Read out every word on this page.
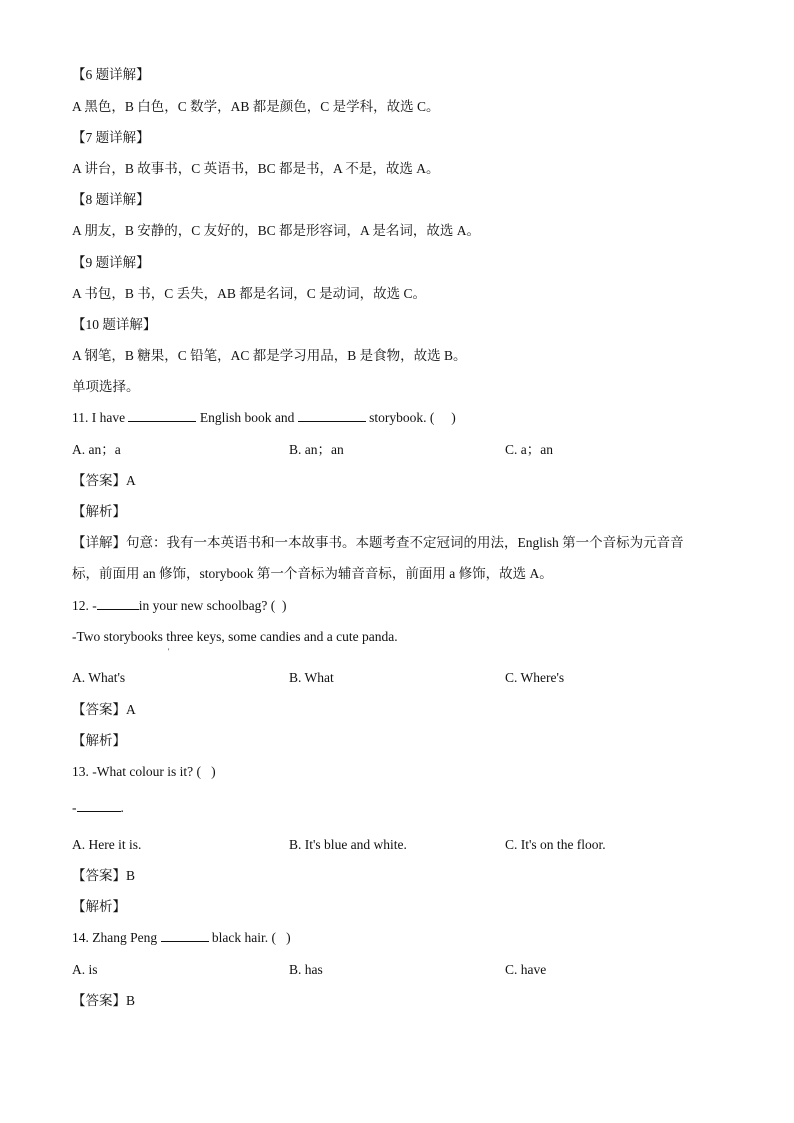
【6 题详解】
A 黑色，B 白色，C 数学，AB 都是颜色，C 是学科，故选 C。
【7 题详解】
A 讲台，B 故事书，C 英语书，BC 都是书，A 不是，故选 A。
【8 题详解】
A 朋友，B 安静的，C 友好的，BC 都是形容词，A 是名词，故选 A。
【9 题详解】
A 书包，B 书，C 丢失，AB 都是名词，C 是动词，故选 C。
【10 题详解】
A 钢笔，B 糖果，C 铅笔，AC 都是学习用品，B 是食物，故选 B。
单项选择。
11. I have	English book and	storybook. ( )
A. an；a	B. an；an	C. a；an
【答案】A
【解析】
【详解】句意：我有一本英语书和一本故事书。本题考查不定冠词的用法，English 第一个音标为元音音
标，前面用 an 修饰，storybook 第一个音标为辅音音标，前面用 a 修饰，故选 A。
12. -	in your new schoolbag? ( )
-Two storybooks three keys, some candies and a cute panda.
'
A. What's	B. What	C. Where's
【答案】A
【解析】
13. -What colour is it? ( )
-	.
A. Here it is.	B. It's blue and white.	C. It's on the floor.
【答案】B
【解析】
14. Zhang Peng	black hair. ( )
A. is	B. has	C. have
【答案】B
